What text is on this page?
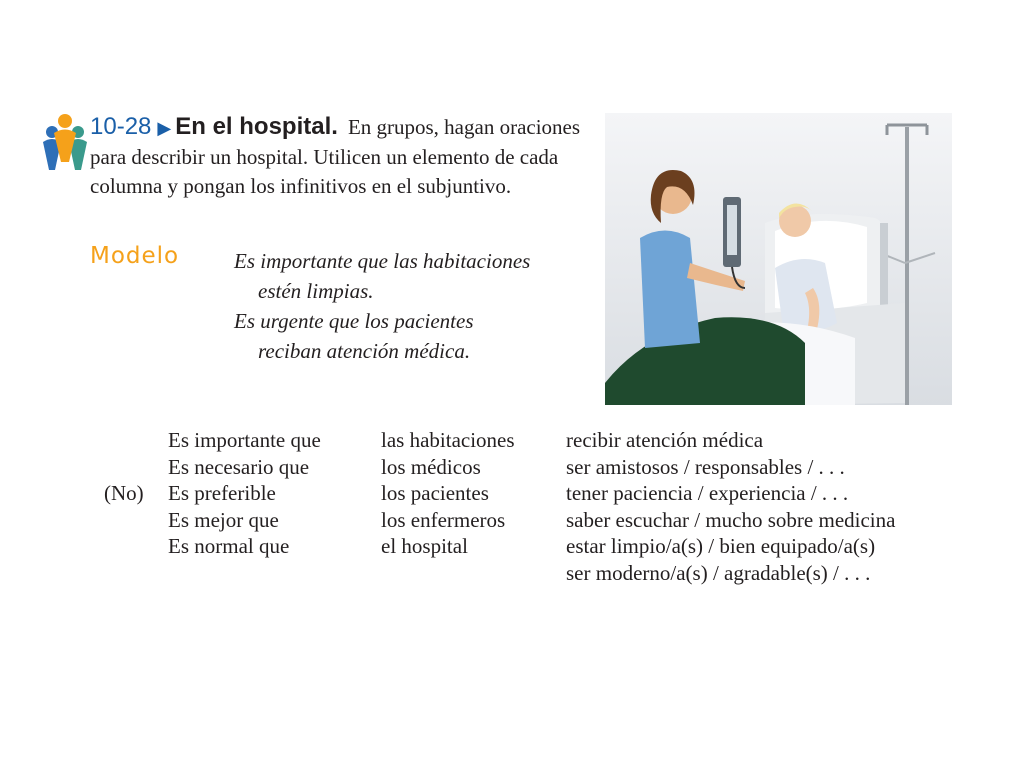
10-28 ▶ En el hospital. En grupos, hagan oraciones para describir un hospital. Utilicen un elemento de cada columna y pongan los infinitivos en el subjuntivo.
Modelo	Es importante que las habitaciones
estén limpias.
Es urgente que los pacientes
reciban atención médica.
(No)
Es importante que
Es necesario que
Es preferible
Es mejor que
Es normal que
las habitaciones
los médicos
los pacientes
los enfermeros
el hospital
recibir atención médica
ser amistosos / responsables / . . .
tener paciencia / experiencia / . . .
saber escuchar / mucho sobre medicina
estar limpio/a(s) / bien equipado/a(s)
ser moderno/a(s) / agradable(s) / . . .
